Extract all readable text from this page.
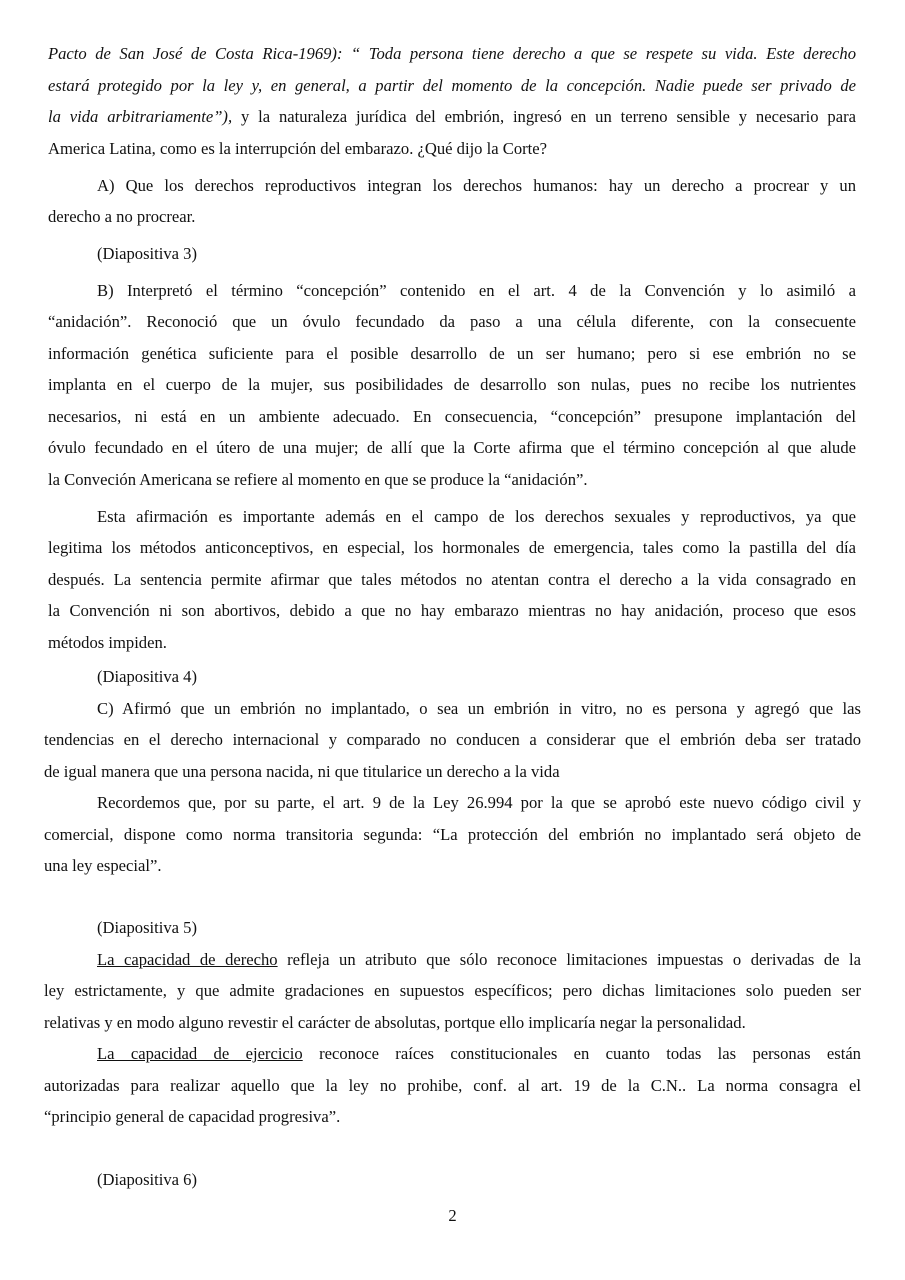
Pacto de San José de Costa Rica-1969): “ Toda persona tiene derecho a que se respete su vida. Este derecho

estará protegido por la ley y, en general, a partir del momento de la concepción. Nadie puede ser privado de

la vida arbitrariamente”), y la naturaleza jurídica del embrión, ingresó en un terreno sensible y necesario para

America Latina, como es la interrupción del embarazo. ¿Qué dijo la Corte?

A) Que los derechos reproductivos integran los derechos humanos: hay un derecho a procrear y un

derecho a no procrear.

(Diapositiva 3)

B) Interpretó el término “concepción” contenido en el art. 4 de la Convención y lo asimiló a

“anidación”. Reconoció que un óvulo fecundado da paso a una célula diferente, con la consecuente

información genética suficiente para el posible desarrollo de un ser humano; pero si ese embrión no se

implanta en el cuerpo de la mujer, sus posibilidades de desarrollo son nulas, pues no recibe los nutrientes

necesarios, ni está en un ambiente adecuado. En consecuencia, “concepción” presupone implantación del

óvulo fecundado en el útero de una mujer; de allí que la Corte afirma que el término concepción al que alude

la Conveción Americana se refiere al momento en que se produce la “anidación”.

Esta afirmación es importante además en el campo de los derechos sexuales y reproductivos, ya que

legitima los métodos anticonceptivos, en especial, los hormonales de emergencia, tales como la pastilla del día

después. La sentencia permite afirmar que tales métodos no atentan contra el derecho a la vida consagrado en

la Convención ni son abortivos, debido a que no hay embarazo mientras no hay anidación, proceso que esos

métodos impiden.

(Diapositiva 4)

C) Afirmó que un embrión no implantado, o sea un embrión in vitro, no es persona y agregó que las

tendencias en el derecho internacional y comparado no conducen a considerar que el embrión deba ser tratado

de igual manera que una persona nacida, ni que titularice un derecho a la vida

Recordemos que, por su parte, el art. 9 de la Ley 26.994 por la que se aprobó este nuevo código civil y

comercial, dispone como norma transitoria segunda: “La protección del embrión no implantado será objeto de

una ley especial”.

(Diapositiva 5)

La capacidad de derecho refleja un atributo que sólo reconoce limitaciones impuestas o derivadas de la

ley estrictamente, y que admite gradaciones en supuestos específicos; pero dichas limitaciones solo pueden ser

relativas y en modo alguno revestir el carácter de absolutas, portque ello implicaría negar la personalidad.

La capacidad de ejercicio reconoce raíces constitucionales en cuanto todas las personas están

autorizadas para realizar aquello que la ley no prohibe, conf. al art. 19 de la C.N.. La norma consagra el

“principio general de capacidad progresiva”.

(Diapositiva 6)

2
